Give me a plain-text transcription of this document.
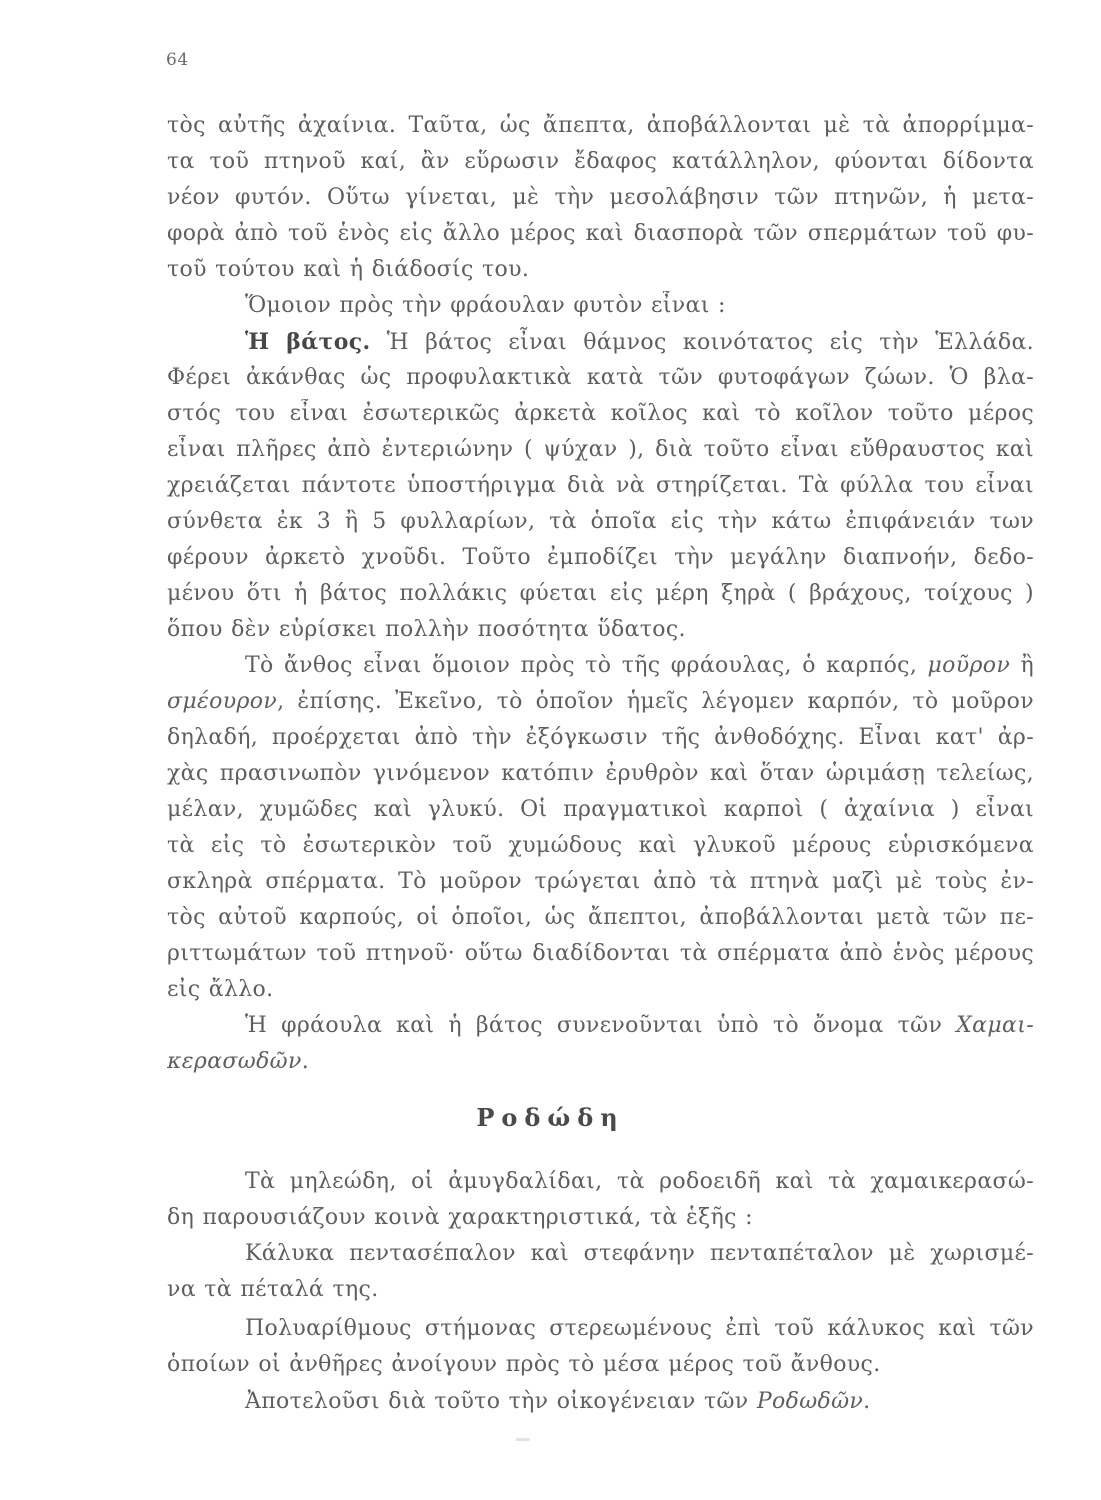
64
τὸς αὐτῆς ἀχαίνια. Ταῦτα, ὡς ἄπεπτα, ἀποβάλλονται μὲ τὰ ἀπορρίμμα-
τα τοῦ πτηνοῦ καί, ἂν εὕρωσιν ἔδαφος κατάλληλον, φύονται δίδοντα
νέον φυτόν. Οὕτω γίνεται, μὲ τὴν μεσολάβησιν τῶν πτηνῶν, ἡ μετα-
φορὰ ἀπὸ τοῦ ἑνὸς εἰς ἄλλο μέρος καὶ διασπορὰ τῶν σπερμάτων τοῦ φυ-
τοῦ τούτου καὶ ἡ διάδοσίς του.
Ὅμοιον πρὸς τὴν φράουλαν φυτὸν εἶναι :
Ἡ βάτος. Ἡ βάτος εἶναι θάμνος κοινότατος εἰς τὴν Ἑλλάδα.
Φέρει ἀκάνθας ὡς προφυλακτικὰ κατὰ τῶν φυτοφάγων ζώων. Ὁ βλα-
στός του εἶναι ἐσωτερικῶς ἀρκετὰ κοῖλος καὶ τὸ κοῖλον τοῦτο μέρος
εἶναι πλῆρες ἀπὸ ἐντεριώνην ( ψύχαν ), διὰ τοῦτο εἶναι εὔθραυστος καὶ
χρειάζεται πάντοτε ὑποστήριγμα διὰ νὰ στηρίζεται. Τὰ φύλλα του εἶναι
σύνθετα ἐκ 3 ἢ 5 φυλλαρίων, τὰ ὁποῖα εἰς τὴν κάτω ἐπιφάνειάν των
φέρουν ἀρκετὸ χνοῦδι. Τοῦτο ἐμποδίζει τὴν μεγάλην διαπνοήν, δεδο-
μένου ὅτι ἡ βάτος πολλάκις φύεται εἰς μέρη ξηρὰ ( βράχους, τοίχους )
ὅπου δὲν εὑρίσκει πολλὴν ποσότητα ὕδατος.
Τὸ ἄνθος εἶναι ὅμοιον πρὸς τὸ τῆς φράουλας, ὁ καρπός, μοῦρον ἢ
σμέουρον, ἐπίσης. Ἐκεῖνο, τὸ ὁποῖον ἡμεῖς λέγομεν καρπόν, τὸ μοῦρον
δηλαδή, προέρχεται ἀπὸ τὴν ἐξόγκωσιν τῆς ἀνθοδόχης. Εἶναι κατ' ἀρ-
χὰς πρασινωπὸν γινόμενον κατόπιν ἐρυθρὸν καὶ ὅταν ὡριμάσῃ τελείως,
μέλαν, χυμῶδες καὶ γλυκύ. Οἱ πραγματικοὶ καρποὶ ( ἀχαίνια ) εἶναι
τὰ εἰς τὸ ἐσωτερικὸν τοῦ χυμώδους καὶ γλυκοῦ μέρους εὑρισκόμενα
σκληρὰ σπέρματα. Τὸ μοῦρον τρώγεται ἀπὸ τὰ πτηνὰ μαζὶ μὲ τοὺς ἐν-
τὸς αὐτοῦ καρπούς, οἱ ὁποῖοι, ὡς ἄπεπτοι, ἀποβάλλονται μετὰ τῶν πε-
ριττωμάτων τοῦ πτηνοῦ· οὕτω διαδίδονται τὰ σπέρματα ἀπὸ ἑνὸς μέρους
εἰς ἄλλο.
Ἡ φράουλα καὶ ἡ βάτος συνενοῦνται ὑπὸ τὸ ὄνομα τῶν Χαμαι-
κερασωδῶν.
Ροδώδη
Τὰ μηλεώδη, οἱ ἀμυγδαλίδαι, τὰ ροδοειδῆ καὶ τὰ χαμαικερασώ-
δη παρουσιάζουν κοινὰ χαρακτηριστικά, τὰ ἑξῆς :
Κάλυκα πεντασέπαλον καὶ στεφάνην πενταπέταλον μὲ χωρισμέ-
να τὰ πέταλά της.
Πολυαρίθμους στήμονας στερεωμένους ἐπὶ τοῦ κάλυκος καὶ τῶν
ὁποίων οἱ ἀνθῆρες ἀνοίγουν πρὸς τὸ μέσα μέρος τοῦ ἄνθους.
Ἀποτελοῦσι διὰ τοῦτο τὴν οἰκογένειαν τῶν Ροδωδῶν.
